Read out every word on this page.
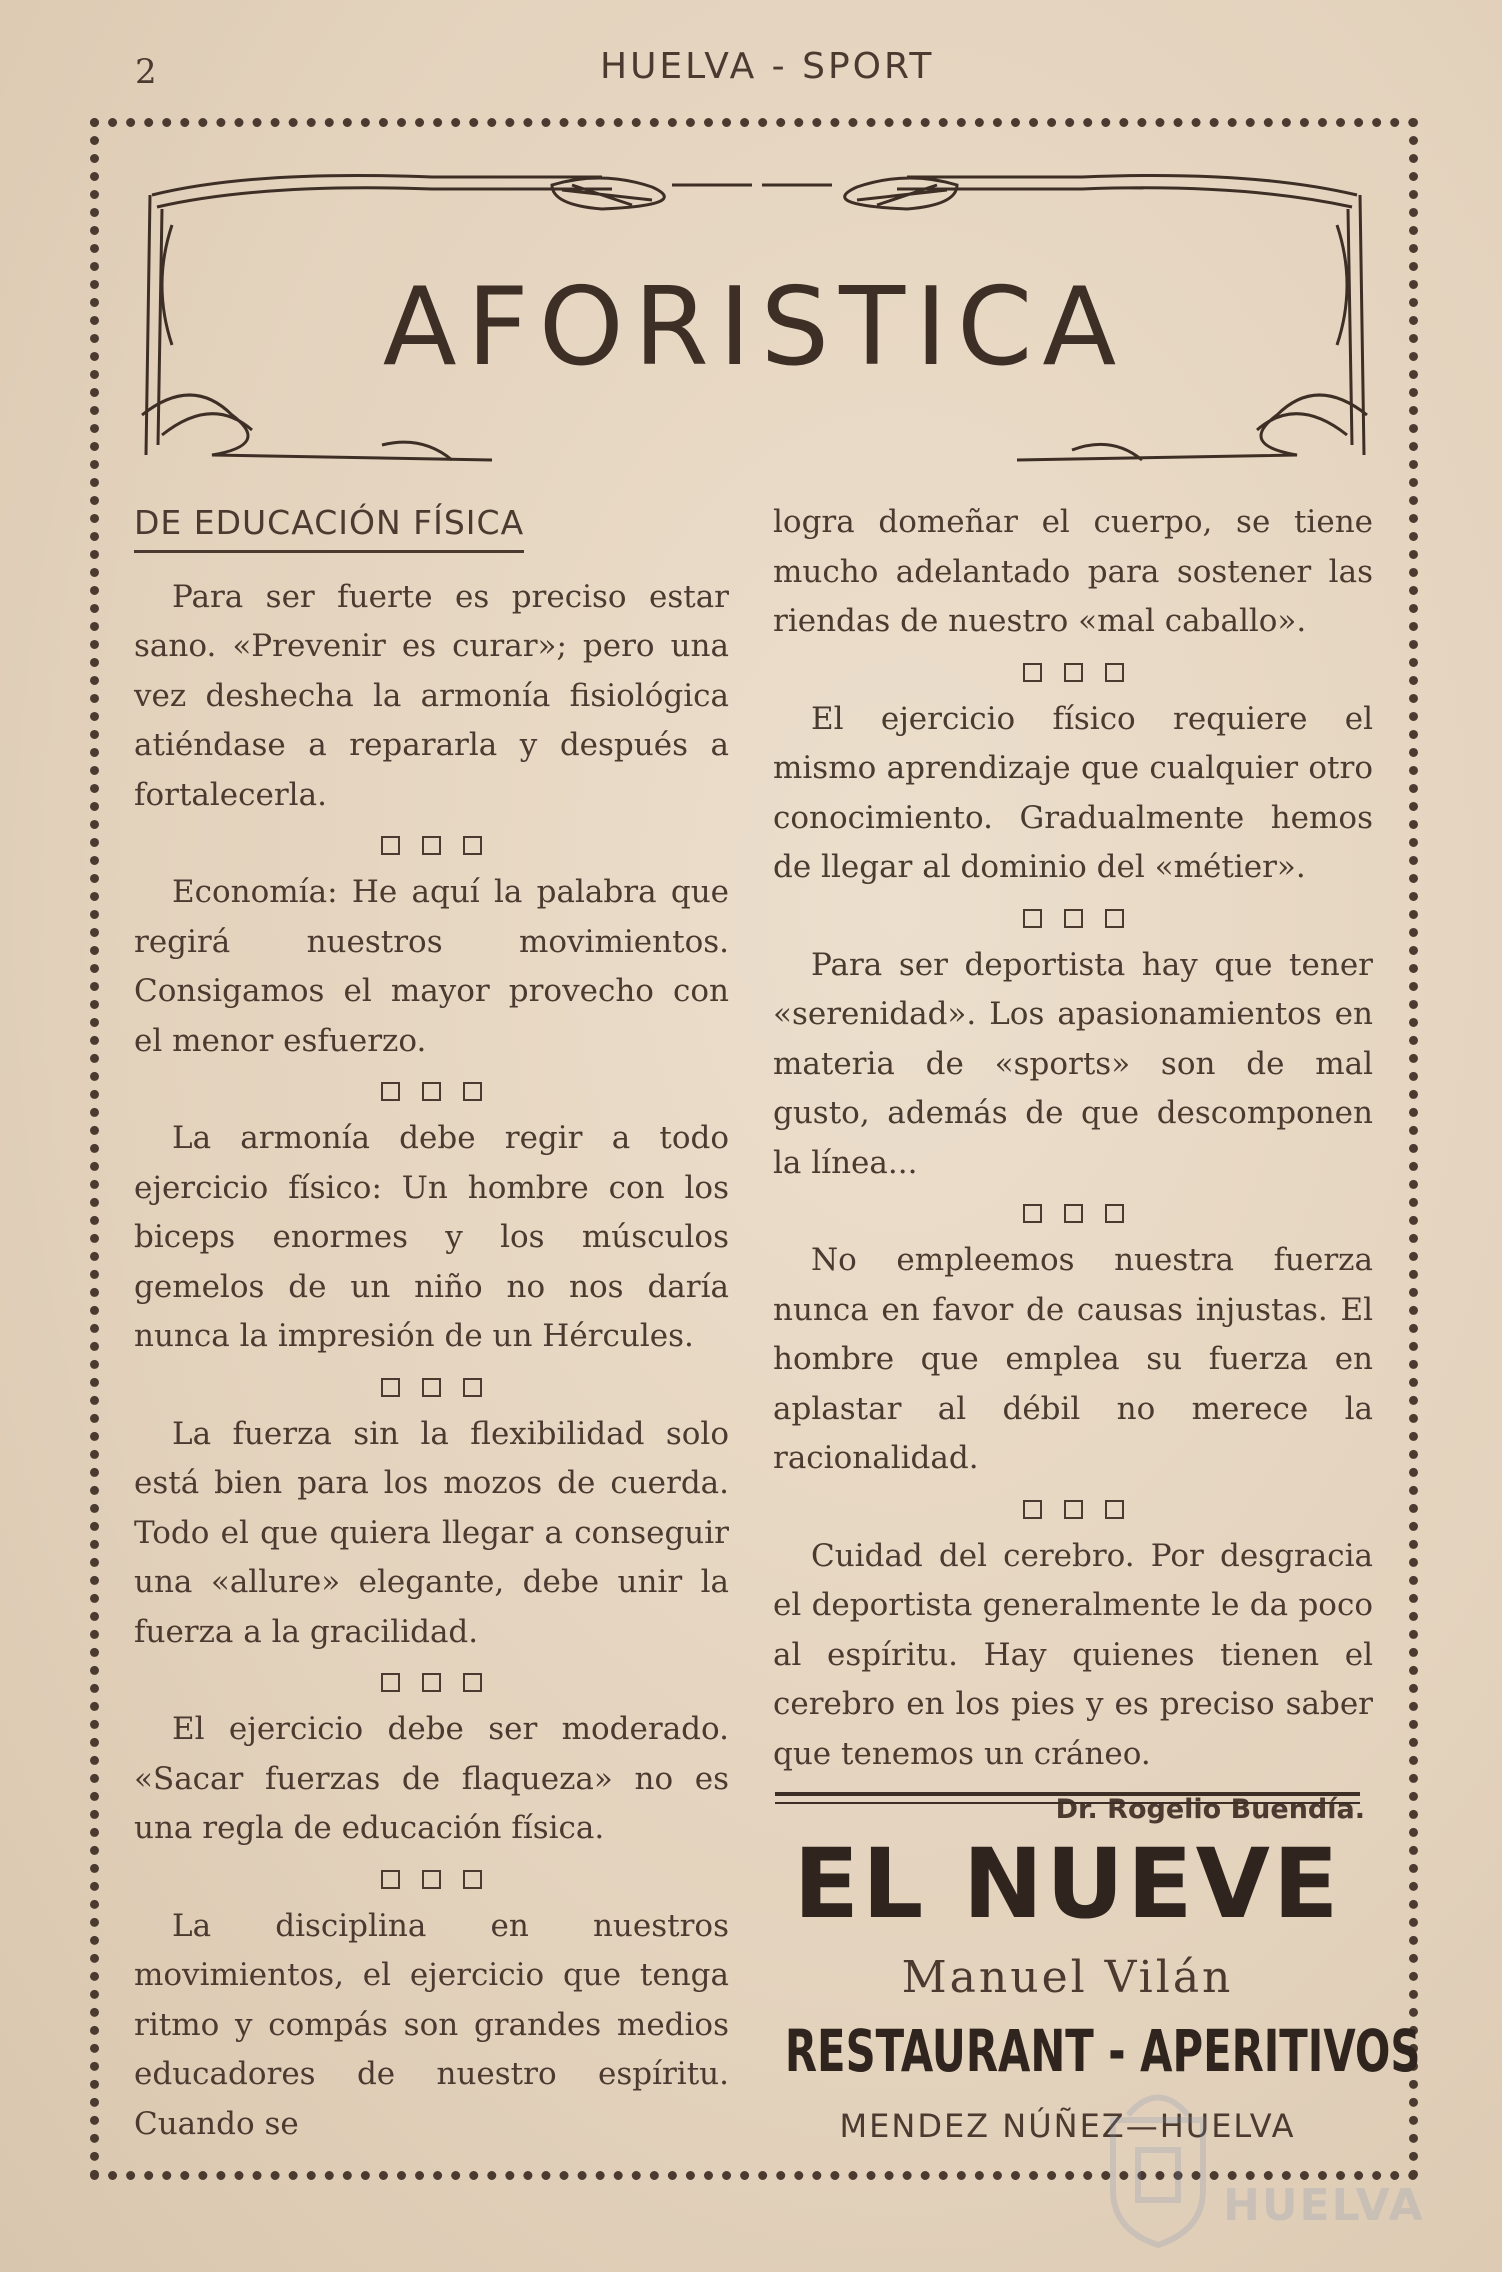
2	HUELVA - SPORT
AFORISTICA
DE EDUCACIÓN FÍSICA

Para ser fuerte es preciso estar sano. «Prevenir es curar»; pero una vez deshecha la armonía fisiológica atiéndase a repararla y después a fortalecerla.

Economía: He aquí la palabra que regirá nuestros movimientos. Consigamos el mayor provecho con el menor esfuerzo.

La armonía debe regir a todo ejercicio físico: Un hombre con los biceps enormes y los músculos gemelos de un niño no nos daría nunca la impresión de un Hércules.

La fuerza sin la flexibilidad solo está bien para los mozos de cuerda. Todo el que quiera llegar a conseguir una «allure» elegante, debe unir la fuerza a la gracilidad.

El ejercicio debe ser moderado. «Sacar fuerzas de flaqueza» no es una regla de educación física.

La disciplina en nuestros movimientos, el ejercicio que tenga ritmo y compás son grandes medios educadores de nuestro espíritu. Cuando se

logra domeñar el cuerpo, se tiene mucho adelantado para sostener las riendas de nuestro «mal caballo».

El ejercicio físico requiere el mismo aprendizaje que cualquier otro conocimiento. Gradualmente hemos de llegar al dominio del «métier».

Para ser deportista hay que tener «serenidad». Los apasionamientos en materia de «sports» son de mal gusto, además de que descomponen la línea...

No empleemos nuestra fuerza nunca en favor de causas injustas. El hombre que emplea su fuerza en aplastar al débil no merece la racionalidad.

Cuidad del cerebro. Por desgracia el deportista generalmente le da poco al espíritu. Hay quienes tienen el cerebro en los pies y es preciso saber que tenemos un cráneo.

Dr. Rogelio Buendía.
EL NUEVE
Manuel Vilán
RESTAURANT - APERITIVOS
MENDEZ NÚÑEZ—HUELVA
HUELVA
